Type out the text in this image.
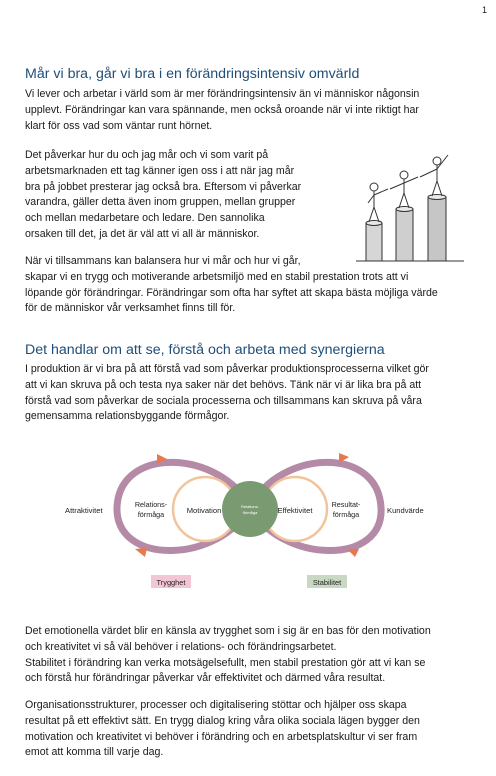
1
Mår vi bra, går vi bra i en förändringsintensiv omvärld

Vi lever och arbetar i värld som är mer förändringsintensiv än vi människor någonsin
upplevt. Förändringar kan vara spännande, men också oroande när vi inte riktigt har
klart för oss vad som väntar runt hörnet.

Det påverkar hur du och jag mår och vi som varit på
arbetsmarknaden ett tag känner igen oss i att när jag mår
bra på jobbet presterar jag också bra. Eftersom vi påverkar
varandra, gäller detta även inom gruppen, mellan grupper
och mellan medarbetare och ledare. Den sannolika
orsaken till det, ja det är väl att vi all är människor.

När vi tillsammans kan balansera hur vi mår och hur vi går,
skapar vi en trygg och motiverande arbetsmiljö med en stabil prestation trots att vi
löpande gör förändringar. Förändringar som ofta har syftet att skapa bästa möjliga värde
för de människor vår verksamhet finns till för.

Det handlar om att se, förstå och arbeta med synergierna

I produktion är vi bra på att förstå vad som påverkar produktionsprocesserna vilket gör
att vi kan skruva på och testa nya saker när det behövs. Tänk när vi är lika bra på att
förstå vad som påverkar de sociala processerna och tillsammans kan skruva på våra
gemensamma relationsbyggande förmågor.

Attraktivitet
Relations-
förmåga	Motivation	Relations-
förmåga	Effektivitet
Resultat-
förmåga	Kundvärde
Trygghet	Stabilitet

Det emotionella värdet blir en känsla av trygghet som i sig är en bas för den motivation
och kreativitet vi så väl behöver i relations- och förändringsarbetet.
Stabilitet i förändring kan verka motsägelsefullt, men stabil prestation gör att vi kan se
och förstå hur förändringar påverkar vår effektivitet och därmed våra resultat.

Organisationsstrukturer, processer och digitalisering stöttar och hjälper oss skapa
resultat på ett effektivt sätt. En trygg dialog kring våra olika sociala lägen bygger den
motivation och kreativitet vi behöver i förändring och en arbetsplatskultur vi ser fram
emot att komma till varje dag.
